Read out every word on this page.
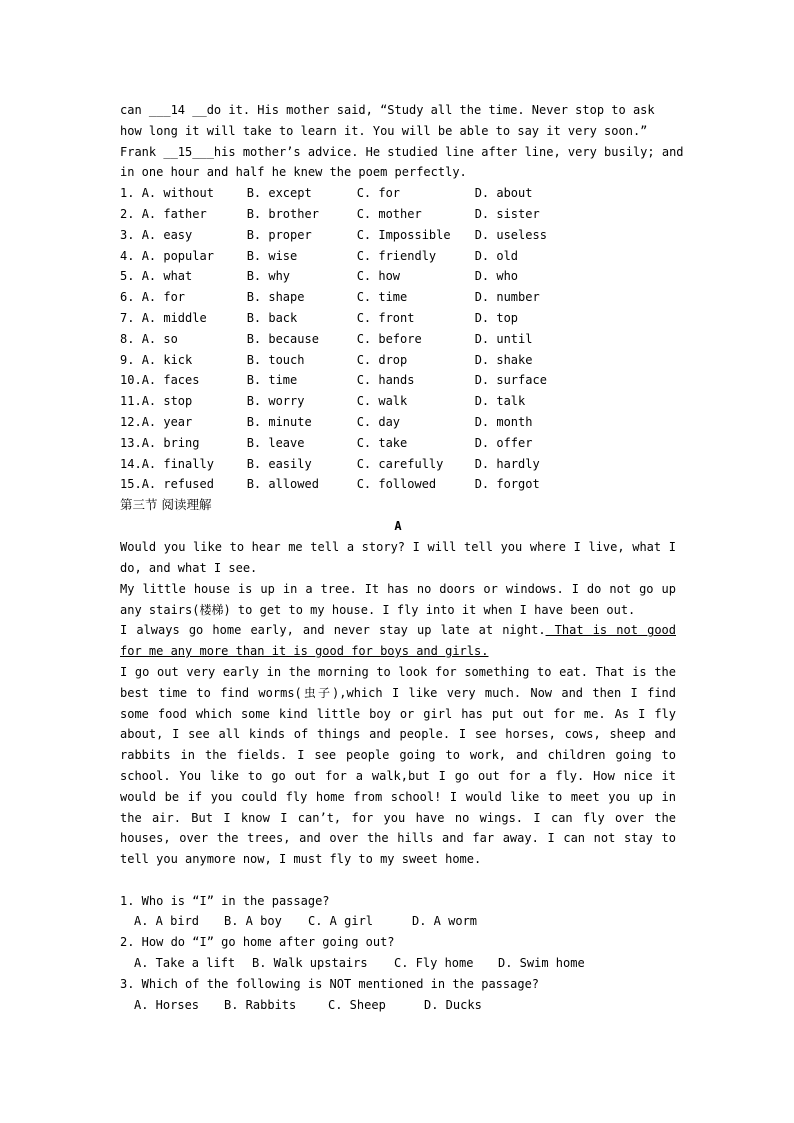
can ___14 __do it. His mother said, “Study all the time. Never stop to ask

how long it will take to learn it. You will be able to say it very soon.”

Frank __15___his mother’s advice. He studied line after line, very busily; and

in one hour and half he knew the poem perfectly.

1.	A. without	B. except	C. for	D. about
2.	A. father	B. brother	C. mother	D. sister
3.	A. easy	B. proper	C. Impossible	D. useless
4.	A. popular	B. wise	C. friendly	D. old
5.	A. what	B. why	C. how	D. who
6.	A. for	B. shape	C. time	D. number
7.	A. middle	B. back	C. front	D. top
8.	A. so	B. because	C. before	D. until
9.	A. kick	B. touch	C. drop	D. shake
10.	A. faces	B. time	C. hands	D. surface
11.	A. stop	B. worry	C. walk	D. talk
12.	A. year	B. minute	C. day	D. month
13.	A. bring	B. leave	C. take	D. offer
14.	A. finally	B. easily	C. carefully	D. hardly
15.	A. refused	B. allowed	C. followed	D. forgot

第三节 阅读理解

A

Would you like to hear me tell a story? I will tell you where I live, what I do, and what I see.

My little house is up in a tree. It has no doors or windows. I do not go up any stairs(楼梯) to get to my house. I fly into it when I have been out.

I always go home early, and never stay up late at night. That is not good for me any more than it is good for boys and girls.

I go out very early in the morning to look for something to eat. That is the best time to find worms(虫子),which I like very much. Now and then I find some food which some kind little boy or girl has put out for me. As I fly about, I see all kinds of things and people. I see horses, cows, sheep and rabbits in the fields. I see people going to work, and children going to school. You like to go out for a walk,but I go out for a fly. How nice it would be if you could fly home from school! I would like to meet you up in the air. But I know I can’t, for you have no wings. I can fly over the houses, over the trees, and over the hills and far away. I can not stay to tell you anymore now, I must fly to my sweet home.

1. Who is “I” in the passage?

A. A bird B. A boy C. A girl	D. A worm

2. How do “I” go home after going out?

A. Take a lift B. Walk upstairs C. Fly home D. Swim home

3. Which of the following is NOT mentioned in the passage?

A. Horses B. Rabbits	C. Sheep	D. Ducks
